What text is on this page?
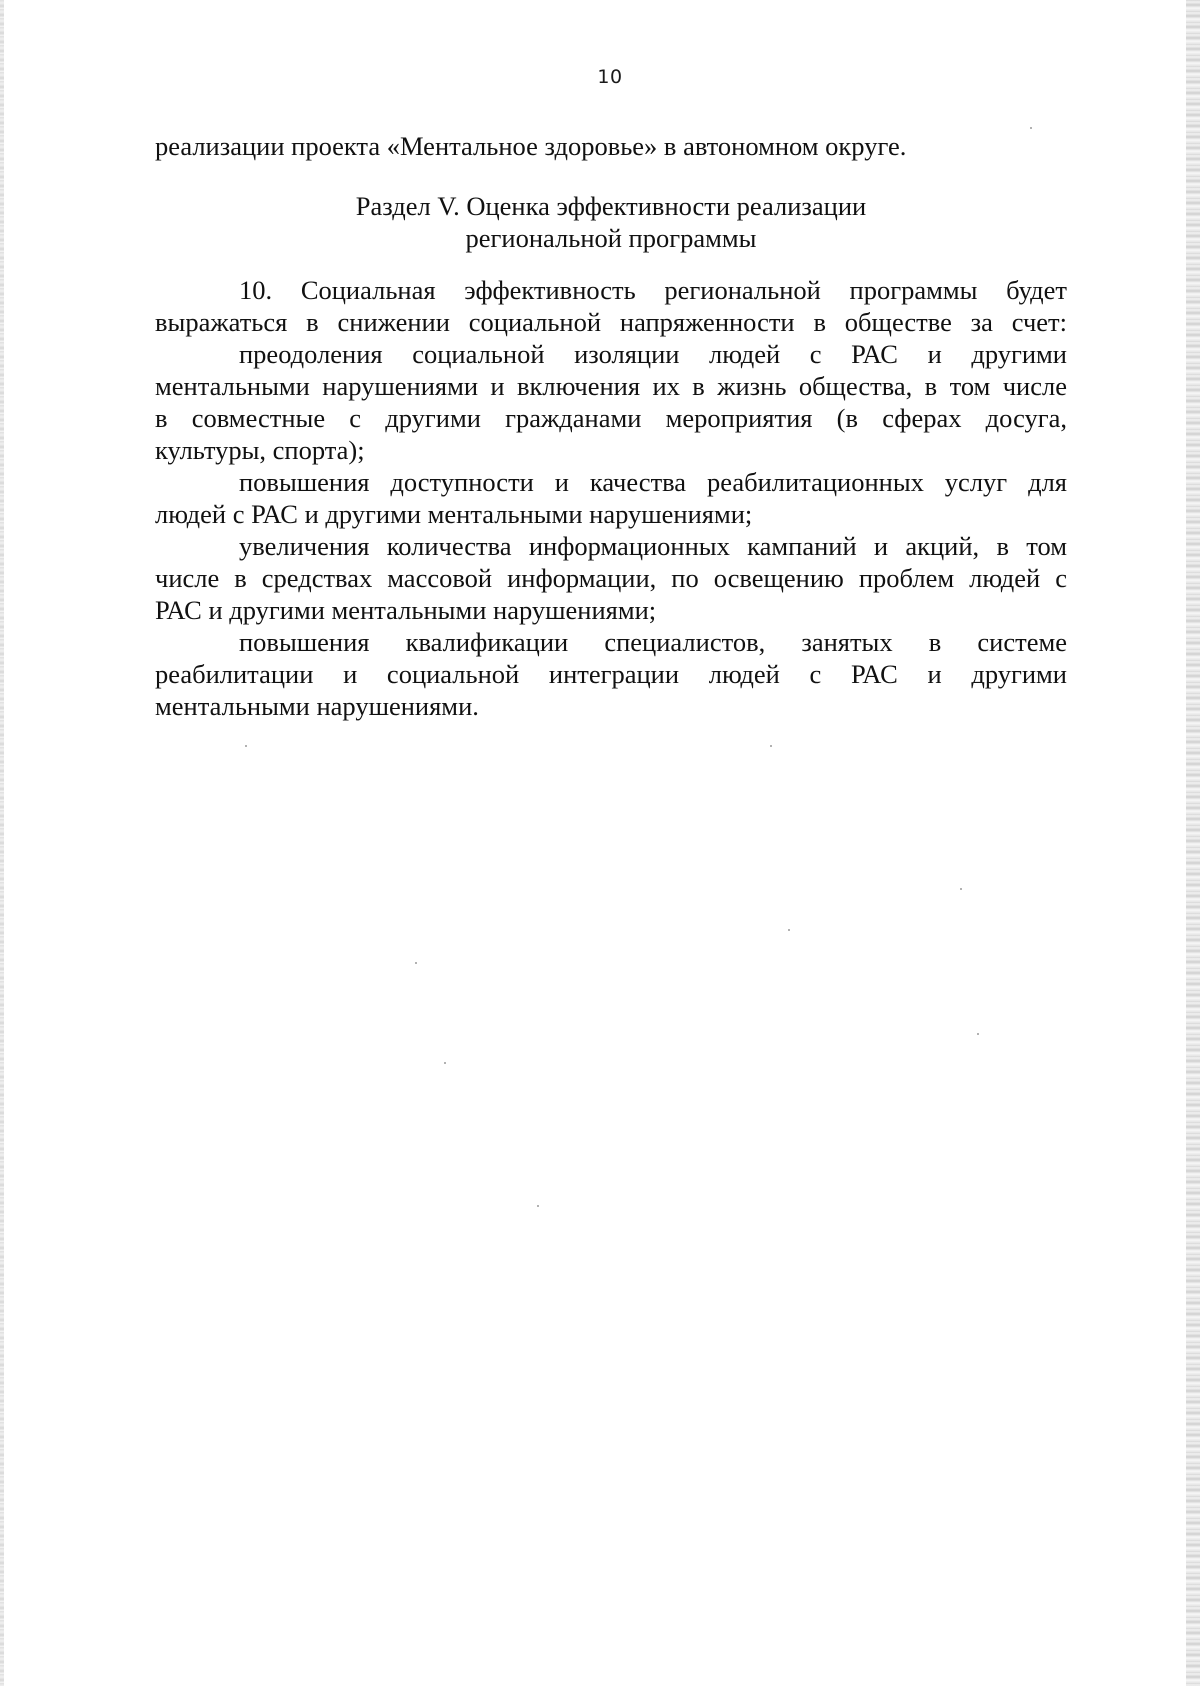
10
реализации проекта «Ментальное здоровье» в автономном округе.
Раздел V. Оценка эффективности реализации
региональной программы
10. Социальная эффективность региональной программы будет
выражаться в снижении социальной напряженности в обществе за счет:
преодоления социальной изоляции людей с РАС и другими
ментальными нарушениями и включения их в жизнь общества, в том числе
в совместные с другими гражданами мероприятия (в сферах досуга,
культуры, спорта);
повышения доступности и качества реабилитационных услуг для
людей с РАС и другими ментальными нарушениями;
увеличения количества информационных кампаний и акций, в том
числе в средствах массовой информации, по освещению проблем людей с
РАС и другими ментальными нарушениями;
повышения квалификации специалистов, занятых в системе
реабилитации и социальной интеграции людей с РАС и другими
ментальными нарушениями.
